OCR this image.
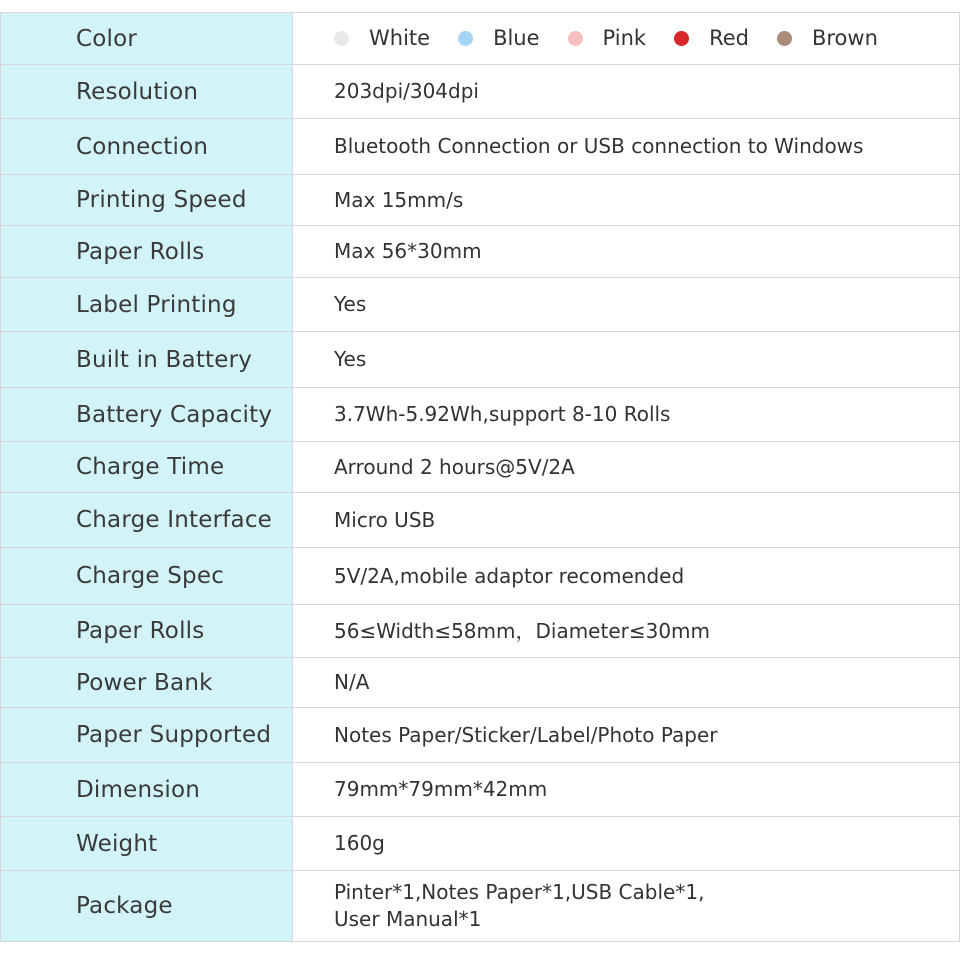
Color	White Blue Pink Red Brown

Resolution	203dpi/304dpi

Connection	Bluetooth Connection or USB connection to Windows

Printing Speed	Max 15mm/s

Paper Rolls	Max 56*30mm

Label Printing	Yes

Built in Battery	Yes

Battery Capacity	3.7Wh-5.92Wh,support 8-10 Rolls

Charge Time	Arround 2 hours@5V/2A

Charge Interface	Micro USB

Charge Spec	5V/2A,mobile adaptor recomended

Paper Rolls	56≤Width≤58mm，Diameter≤30mm

Power Bank	N/A

Paper Supported	Notes Paper/Sticker/Label/Photo Paper

Dimension	79mm*79mm*42mm

Weight	160g

Package	Pinter*1,Notes Paper*1,USB Cable*1,
User Manual*1
